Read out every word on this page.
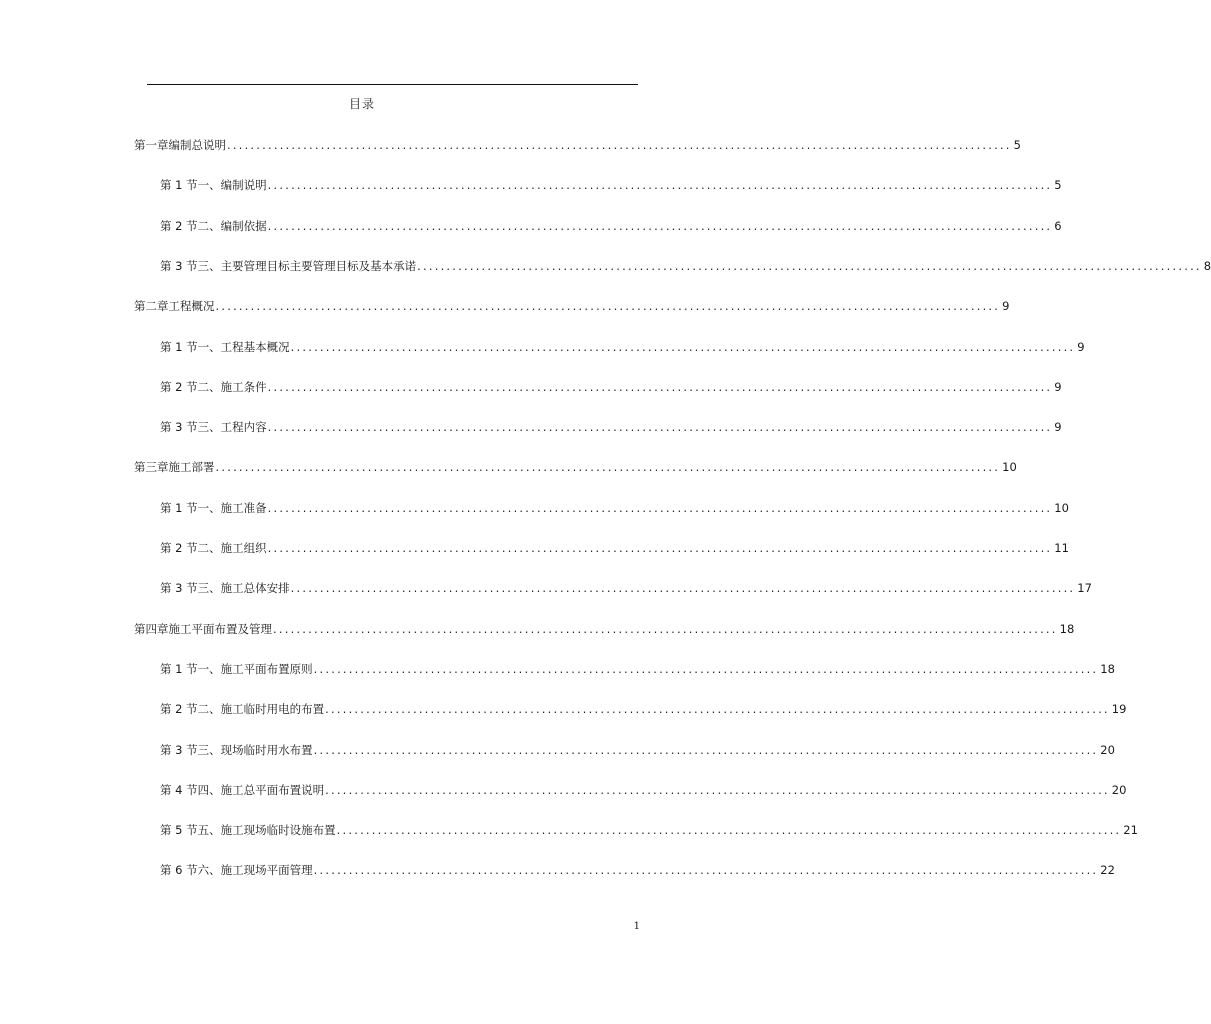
目录
第一章 编制总说明 ...................................................................................................................................... 5
第 1 节 一、编制说明 ...................................................................................................................................... 5
第 2 节 二、编制依据 ...................................................................................................................................... 6
第 3 节 三、主要管理目标主要管理目标及基本承诺 ...................................................................................................................................... 8
第二章 工程概况 ...................................................................................................................................... 9
第 1 节 一、工程基本概况 ...................................................................................................................................... 9
第 2 节 二、施工条件 ...................................................................................................................................... 9
第 3 节 三、工程内容 ...................................................................................................................................... 9
第三章 施工部署 ...................................................................................................................................... 10
第 1 节 一、施工准备 ...................................................................................................................................... 10
第 2 节 二、施工组织 ...................................................................................................................................... 11
第 3 节 三、施工总体安排 ...................................................................................................................................... 17
第四章 施工平面布置及管理 ...................................................................................................................................... 18
第 1 节 一、施工平面布置原则 ...................................................................................................................................... 18
第 2 节 二、施工临时用电的布置 ...................................................................................................................................... 19
第 3 节 三、现场临时用水布置 ...................................................................................................................................... 20
第 4 节 四、施工总平面布置说明 ...................................................................................................................................... 20
第 5 节 五、施工现场临时设施布置 ...................................................................................................................................... 21
第 6 节 六、施工现场平面管理 ...................................................................................................................................... 22
1
